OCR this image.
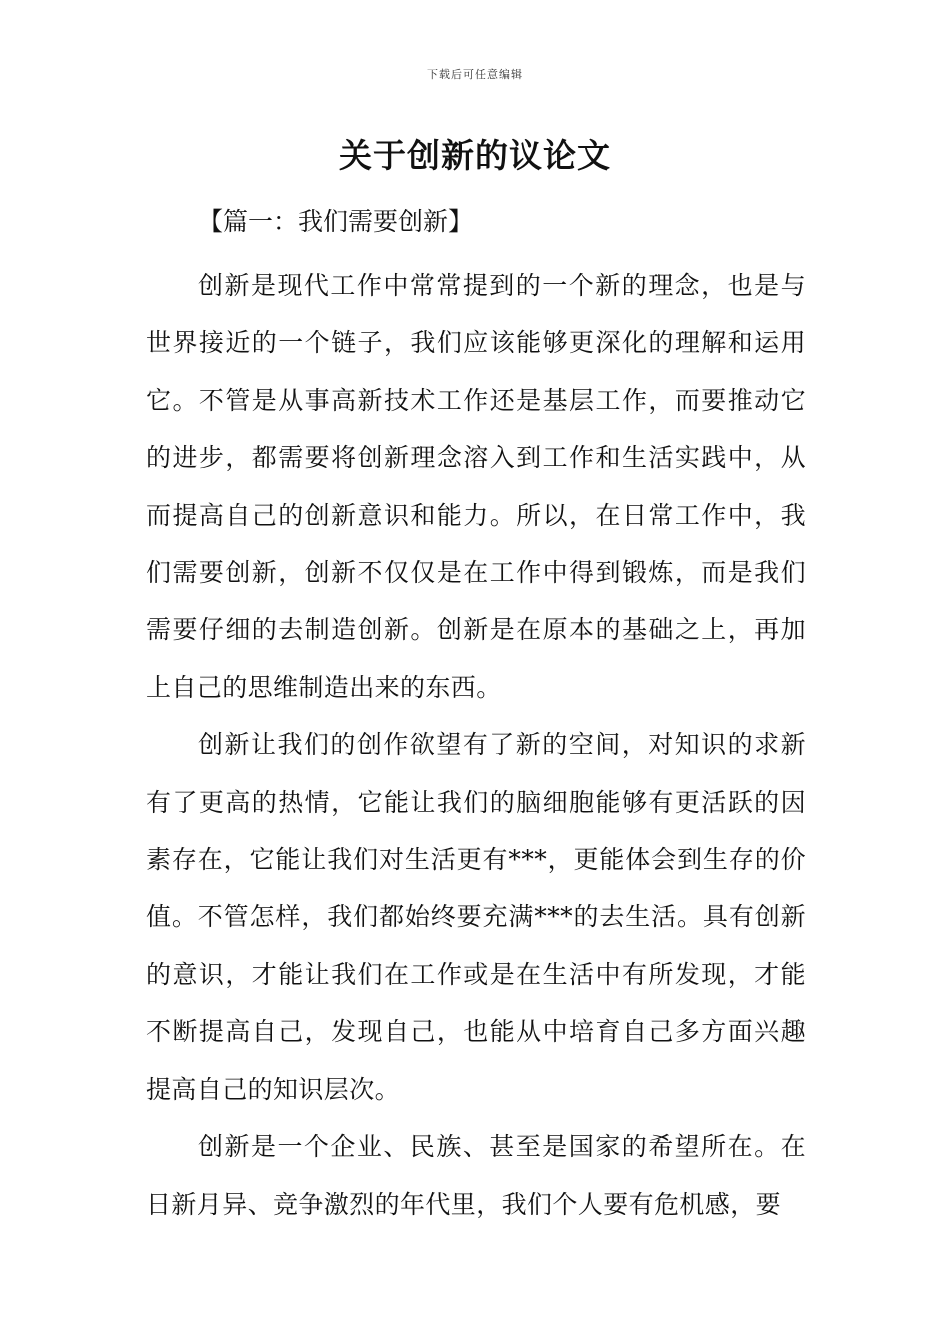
下载后可任意编辑
关于创新的议论文
【篇一：我们需要创新】

创新是现代工作中常常提到的一个新的理念，也是与世界接近的一个链子，我们应该能够更深化的理解和运用它。不管是从事高新技术工作还是基层工作，而要推动它的进步，都需要将创新理念溶入到工作和生活实践中，从而提高自己的创新意识和能力。所以，在日常工作中，我们需要创新，创新不仅仅是在工作中得到锻炼，而是我们需要仔细的去制造创新。创新是在原本的基础之上，再加上自己的思维制造出来的东西。

创新让我们的创作欲望有了新的空间，对知识的求新有了更高的热情，它能让我们的脑细胞能够有更活跃的因素存在，它能让我们对生活更有***，更能体会到生存的价值。不管怎样，我们都始终要充满***的去生活。具有创新的意识，才能让我们在工作或是在生活中有所发现，才能不断提高自己，发现自己，也能从中培育自己多方面兴趣提高自己的知识层次。

创新是一个企业、民族、甚至是国家的希望所在。在日新月异、竞争激烈的年代里，我们个人要有危机感，要
